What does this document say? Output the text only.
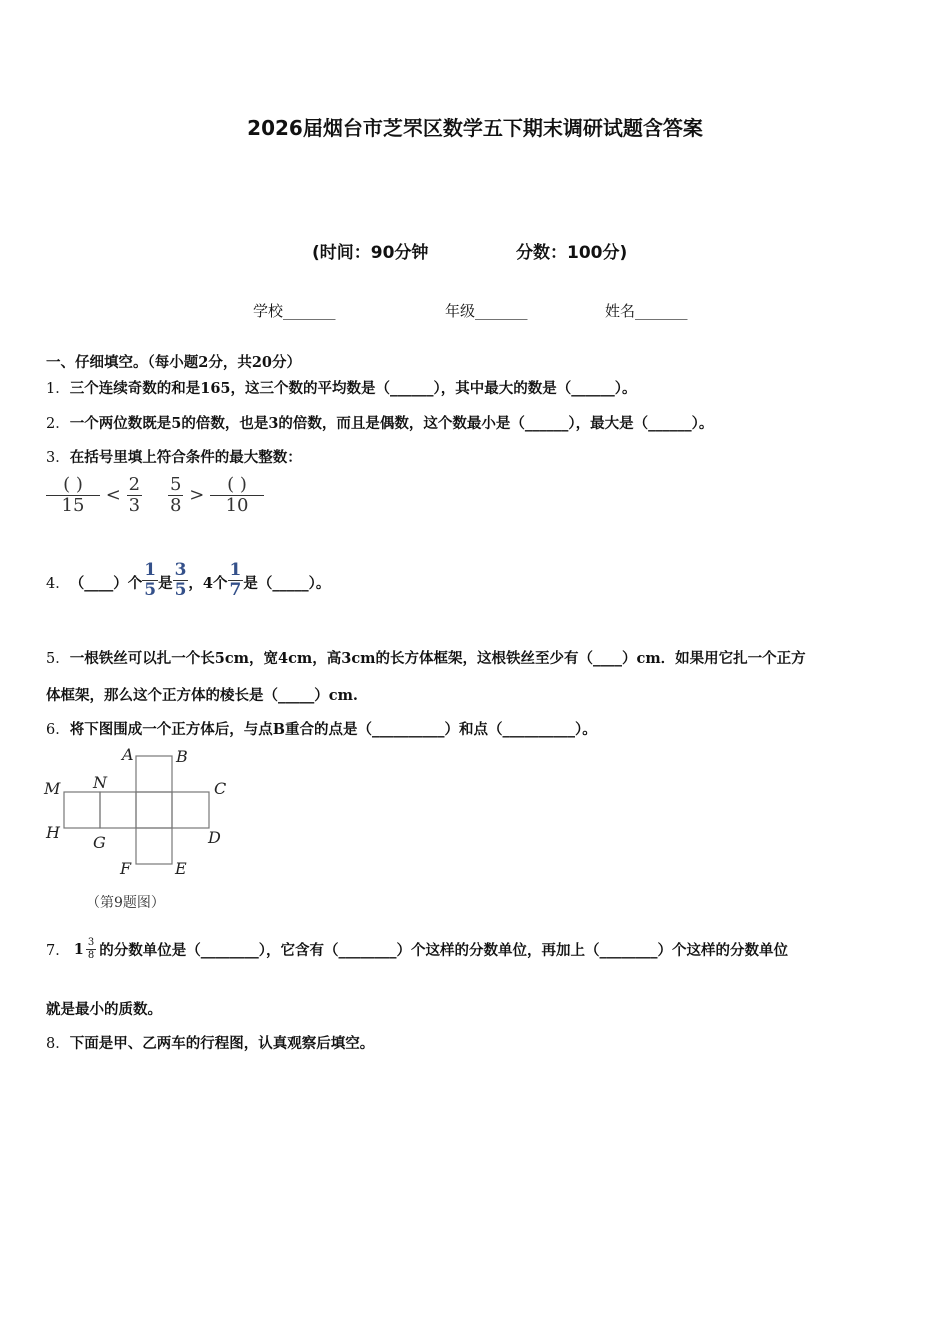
2026届烟台市芝罘区数学五下期末调研试题含答案
(时间：90分钟	分数：100分)
学校_______	年级_______	姓名_______
一、仔细填空。（每小题2分，共20分）
1．三个连续奇数的和是165，这三个数的平均数是（______），其中最大的数是（______）。
2．一个两位数既是5的倍数，也是3的倍数，而且是偶数，这个数最小是（______），最大是（______）。
3．在括号里填上符合条件的最大整数：
$\frac{( )}{15} < \frac{2}{3} \frac{5}{8} > \frac{( )}{10}$
4． （____）个 $\frac{1}{5}$ 是 $\frac{3}{5}$ ，4个 $\frac{1}{7}$ 是（_____）。
5．一根铁丝可以扎一个长5cm，宽4cm，高3cm的长方体框架，这根铁丝至少有（____）cm．如果用它扎一个正方
体框架，那么这个正方体的棱长是（_____）cm.
6．将下图围成一个正方体后，与点B重合的点是（__________）和点（__________）。
A	B
M N	C
H
G	D
F	E
（第9题图）
7． $1 \frac{3}{8}$ 的分数单位是（________），它含有（________）个这样的分数单位，再加上（________）个这样的分数单位
就是最小的质数。
8．下面是甲、乙两车的行程图，认真观察后填空。
